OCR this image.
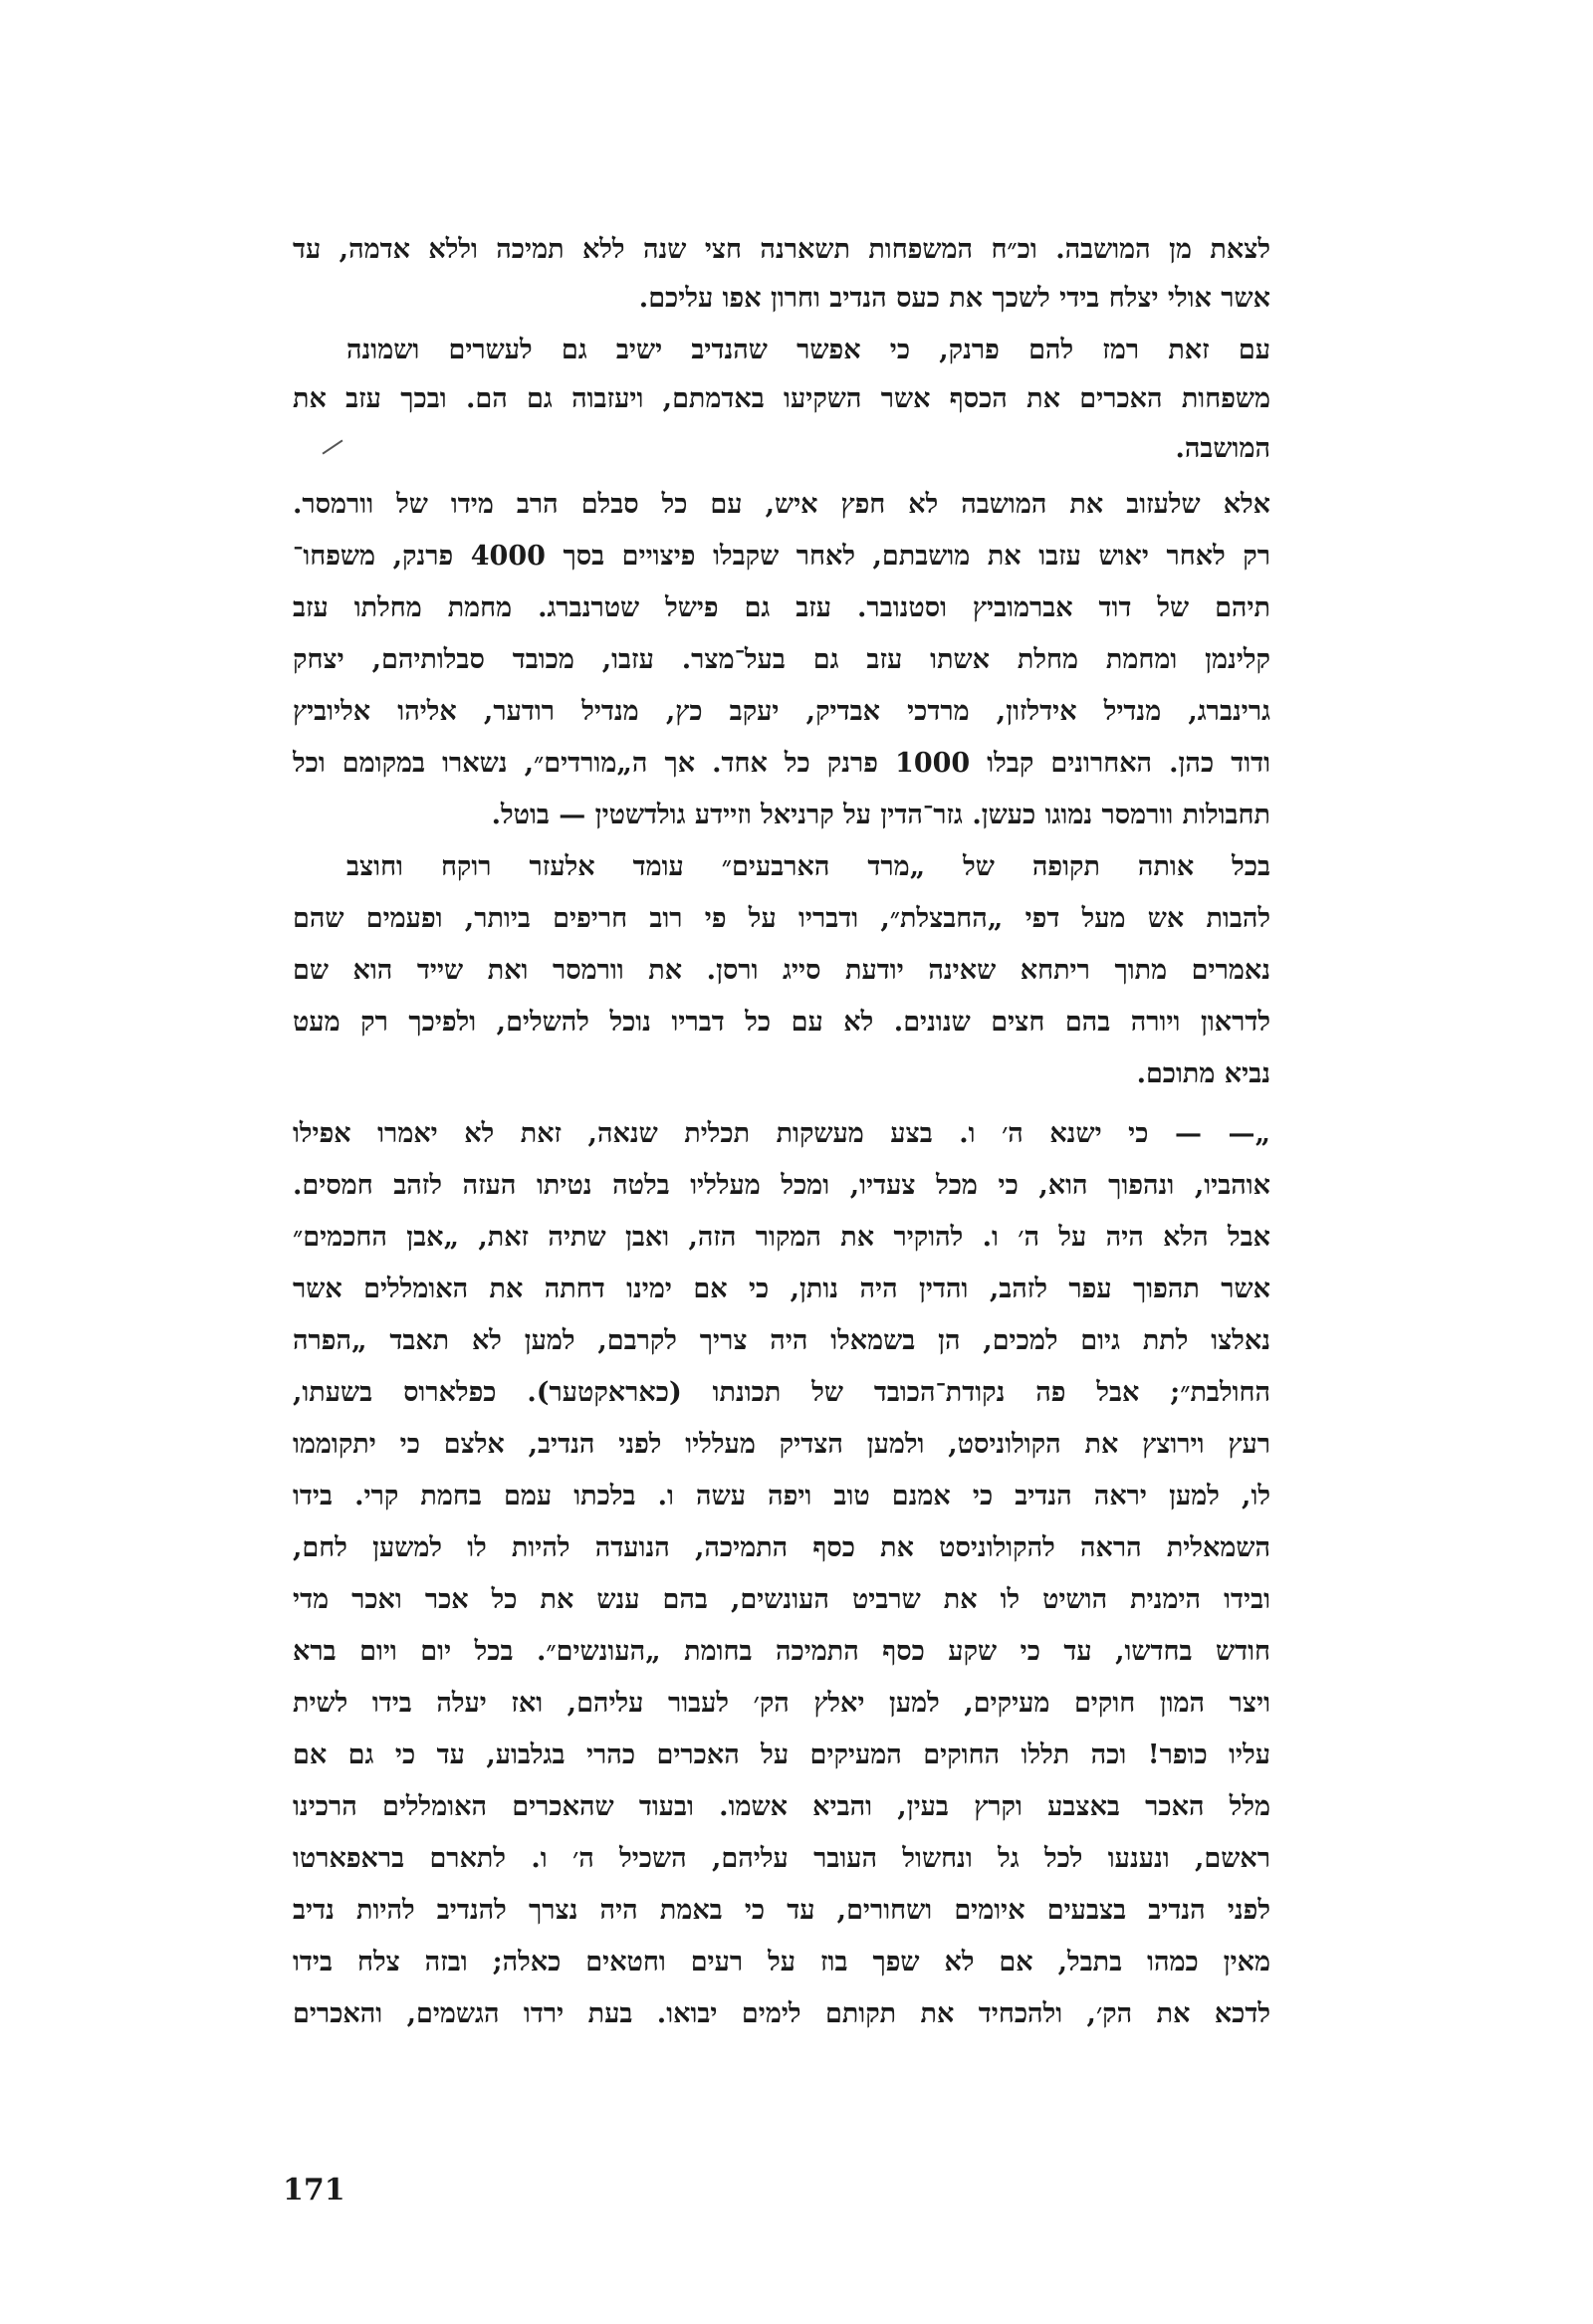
לצאת מן המושבה. וכ״ח המשפחות תשארנה חצי שנה ללא תמיכה וללא אדמה, עד

אשר אולי יצלח בידי לשכך את כעס הנדיב וחרון אפו עליכם.

עם זאת רמז להם פרנק, כי אפשר שהנדיב ישיב גם לעשרים ושמונה

משפחות האכרים את הכסף אשר השקיעו באדמתם, ויעזבוה גם הם. ובכך עזב את

המושבה.

אלא שלעזוב את המושבה לא חפץ איש, עם כל סבלם הרב מידו של וורמסר.

רק לאחר יאוש עזבו את מושבתם, לאחר שקבלו פיצויים בסך 4000 פרנק, משפחו־

תיהם של דוד אברמוביץ וסטנובר. עזב גם פישל שטרנברג. מחמת מחלתו עזב

קלינמן ומחמת מחלת אשתו עזב גם בעל־מצר. עזבו, מכובד סבלותיהם, יצחק

גרינברג, מנדיל אידלזון, מרדכי אבדיק, יעקב כץ, מנדיל רודער, אליהו אליוביץ

ודוד כהן. האחרונים קבלו 1000 פרנק כל אחד. אך ה„מורדים״, נשארו במקומם וכל

תחבולות וורמסר נמוגו כעשן. גזר־הדין על קרניאל וזיידע גולדשטין — בוטל.

בכל אותה תקופה של „מרד הארבעים״ עומד אלעזר רוקח וחוצב

להבות אש מעל דפי „החבצלת״, ודבריו על פי רוב חריפים ביותר, ופעמים שהם

נאמרים מתוך ריתחא שאינה יודעת סייג ורסן. את וורמסר ואת שייד הוא שם

לדראון ויורה בהם חצים שנונים. לא עם כל דבריו נוכל להשלים, ולפיכך רק מעט

נביא מתוכם.

„— — כי ישנא ה׳ ו. בצע מעשקות תכלית שנאה, זאת לא יאמרו אפילו

אוהביו, ונהפוך הוא, כי מכל צעדיו, ומכל מעלליו בלטה נטיתו העזה לזהב חמסים.

אבל הלא היה על ה׳ ו. להוקיר את המקור הזה, ואבן שתיה זאת, „אבן החכמים״

אשר תהפוך עפר לזהב, והדין היה נותן, כי אם ימינו דחתה את האומללים אשר

נאלצו לתת גיום למכים, הן בשמאלו היה צריך לקרבם, למען לא תאבד „הפרה

החולבת״; אבל פה נקודת־הכובד של תכונתו (כאראקטער). כפלארוס בשעתו,

רעץ וירוצץ את הקולוניסט, ולמען הצדיק מעלליו לפני הנדיב, אלצם כי יתקוממו

לו, למען יראה הנדיב כי אמנם טוב ויפה עשה ו. בלכתו עמם בחמת קרי. בידו

השמאלית הראה להקולוניסט את כסף התמיכה, הנועדה להיות לו למשען לחם,

ובידו הימנית הושיט לו את שרביט העונשים, בהם ענש את כל אכר ואכר מדי

חודש בחדשו, עד כי שקע כסף התמיכה בחומת „העונשים״. בכל יום ויום ברא

ויצר המון חוקים מעיקים, למען יאלץ הק׳ לעבור עליהם, ואז יעלה בידו לשית

עליו כופר! וכה תללו החוקים המעיקים על האכרים כהרי בגלבוע, עד כי גם אם

מלל האכר באצבע וקרץ בעין, והביא אשמו. ובעוד שהאכרים האומללים הרכינו

ראשם, ונענעו לכל גל ונחשול העובר עליהם, השכיל ה׳ ו. לתארם בראפארטו

לפני הנדיב בצבעים איומים ושחורים, עד כי באמת היה נצרך להנדיב להיות נדיב

מאין כמהו בתבל, אם לא שפך בוז על רעים וחטאים כאלה; ובזה צלח בידו

לדכא את הק׳, ולהכחיד את תקותם לימים יבואו. בעת ירדו הגשמים, והאכרים

171
